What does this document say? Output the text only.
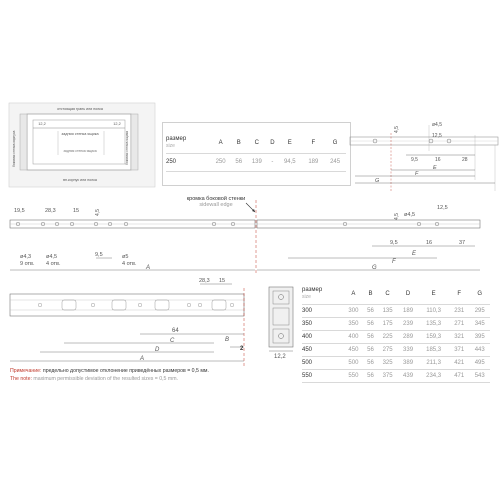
отстоящая грань или полка
задняя стенка ящика
вн.корпус или полка
боковая стенка корпуса	боковая стенка ящика
12,2	12,2
задняя стенка ящика
размер
size	A	B	C	D	E	F	G
250	250	56	139	-	94,5	189	245
4,5
ø4,5
12,5
9,5	16	28
E
F
G
кромка боковой стенки
sidewall edge
19,5	28,3	15	4,5
ø4,3
9 отв.
ø4,5
4 отв.
9,5	ø5
4 отв.
A
4,5 ø4,5
12,5
9,5	16	37
E
F
G
28,3 15
64
2
B
C
D
A	12,2
размер
size	A	B	C	D	E	F	G
300	300	56	135	189	110,3	231	295
350	350	56	175	239	135,3	271	345
400	400	56	225	289	159,3	321	395
450	450	56	275	339	185,3	371	443
500	500	56	325	389	211,3	421	495
550	550	56	375	439	234,3	471	543
Примечание: предельно допустимое отклонение приведённых размеров = 0,5 мм.
The note: maximum permissible deviation of the resulted sizes = 0,5 mm.
